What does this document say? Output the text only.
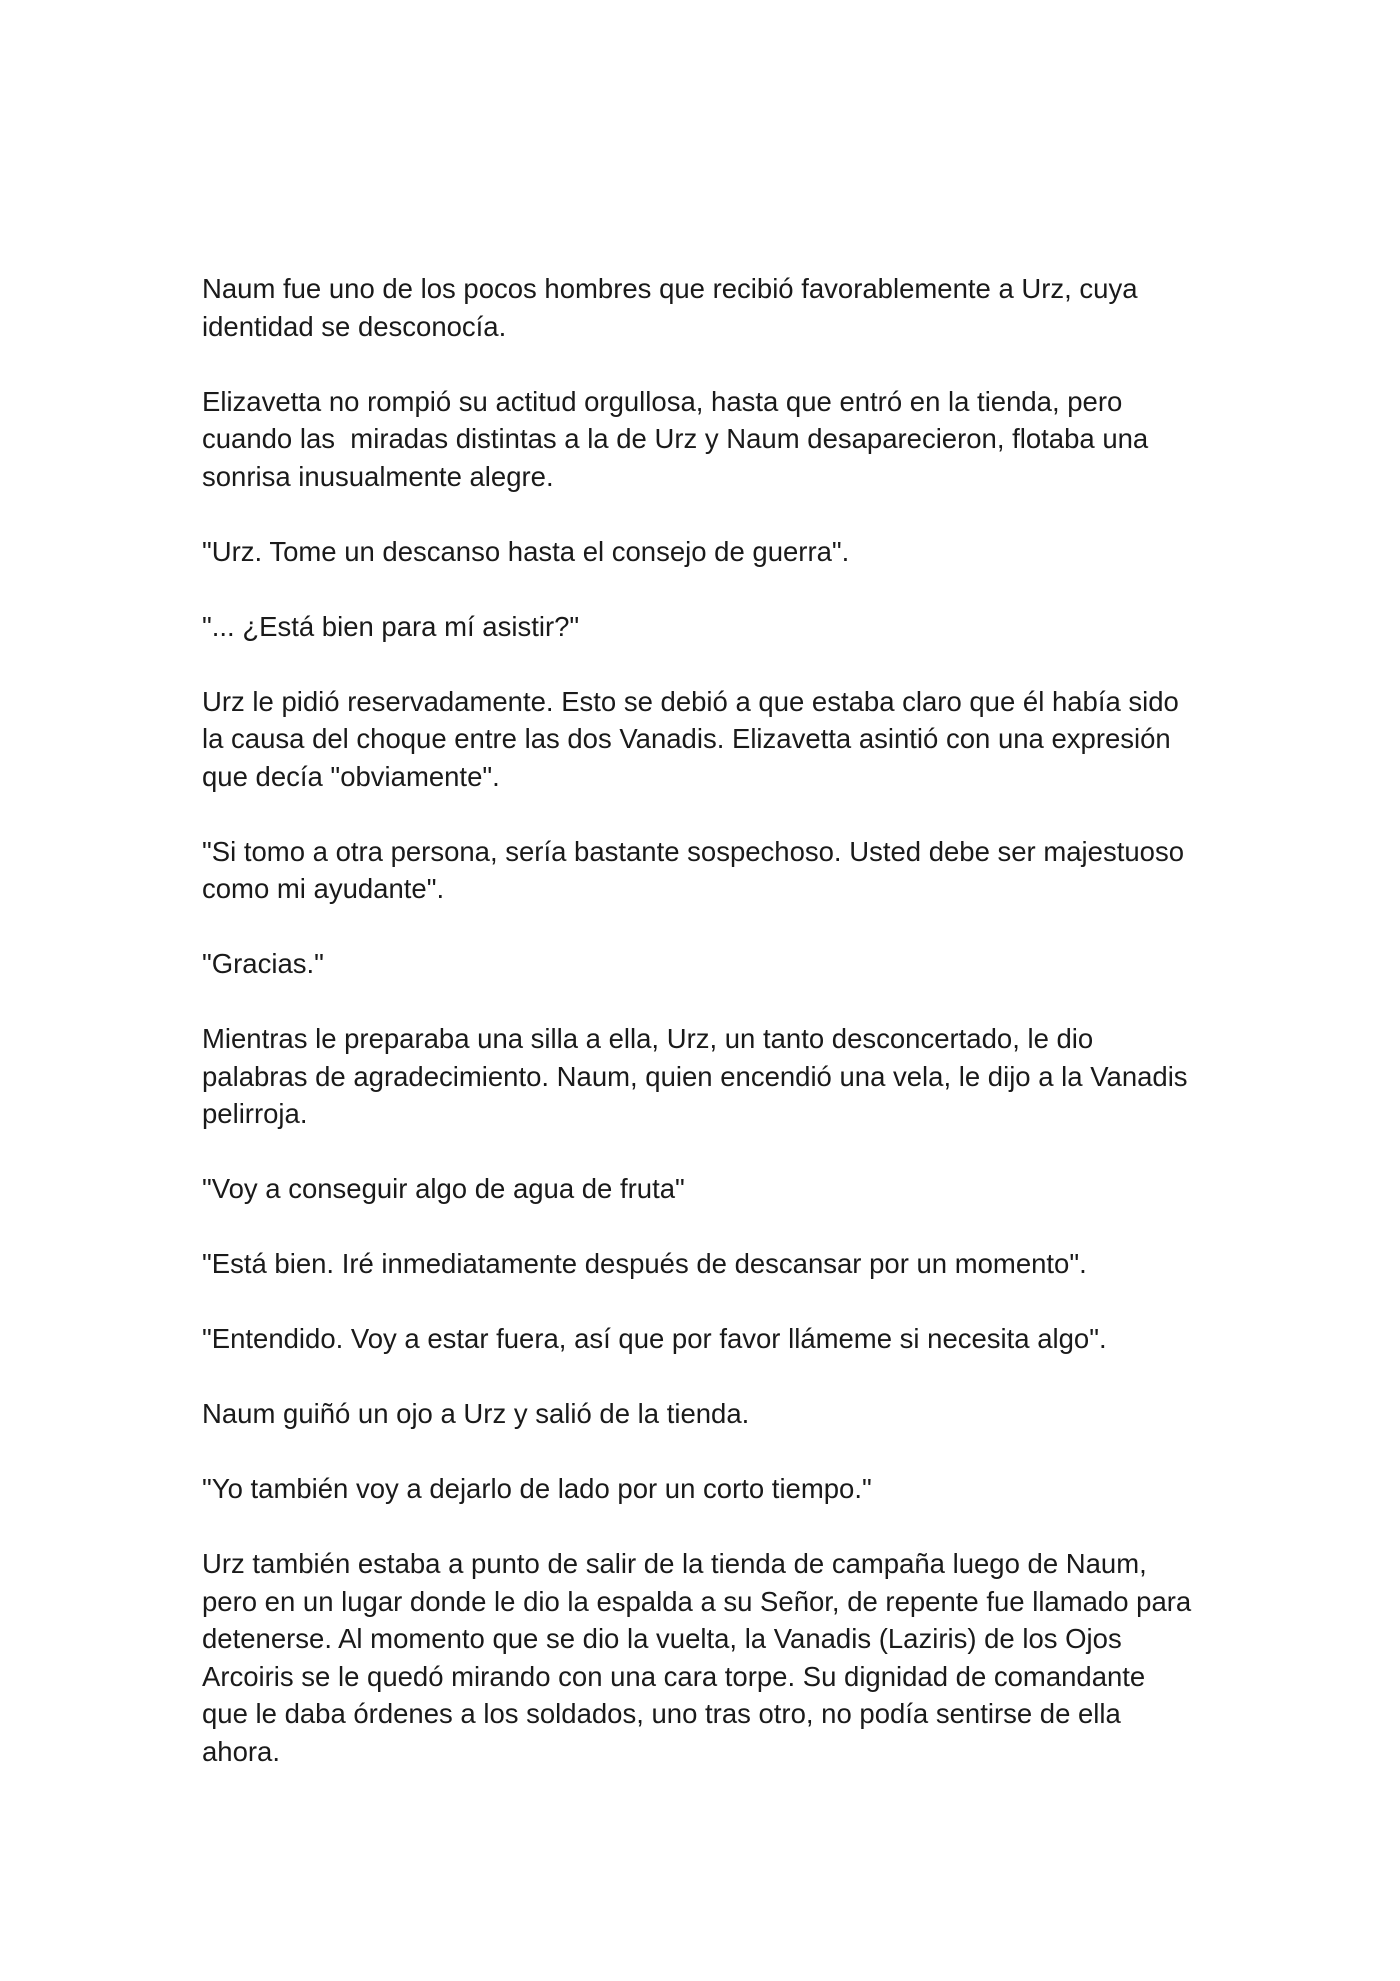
Naum fue uno de los pocos hombres que recibió favorablemente a Urz, cuya
identidad se desconocía.

Elizavetta no rompió su actitud orgullosa, hasta que entró en la tienda, pero
cuando las  miradas distintas a la de Urz y Naum desaparecieron, flotaba una
sonrisa inusualmente alegre.

"Urz. Tome un descanso hasta el consejo de guerra".

"... ¿Está bien para mí asistir?"

Urz le pidió reservadamente. Esto se debió a que estaba claro que él había sido
la causa del choque entre las dos Vanadis. Elizavetta asintió con una expresión
que decía "obviamente".

"Si tomo a otra persona, sería bastante sospechoso. Usted debe ser majestuoso
como mi ayudante".

"Gracias."

Mientras le preparaba una silla a ella, Urz, un tanto desconcertado, le dio
palabras de agradecimiento. Naum, quien encendió una vela, le dijo a la Vanadis
pelirroja.

"Voy a conseguir algo de agua de fruta"

"Está bien. Iré inmediatamente después de descansar por un momento".

"Entendido. Voy a estar fuera, así que por favor llámeme si necesita algo".

Naum guiñó un ojo a Urz y salió de la tienda.

"Yo también voy a dejarlo de lado por un corto tiempo."

Urz también estaba a punto de salir de la tienda de campaña luego de Naum,
pero en un lugar donde le dio la espalda a su Señor, de repente fue llamado para
detenerse. Al momento que se dio la vuelta, la Vanadis (Laziris) de los Ojos
Arcoiris se le quedó mirando con una cara torpe. Su dignidad de comandante
que le daba órdenes a los soldados, uno tras otro, no podía sentirse de ella
ahora.
